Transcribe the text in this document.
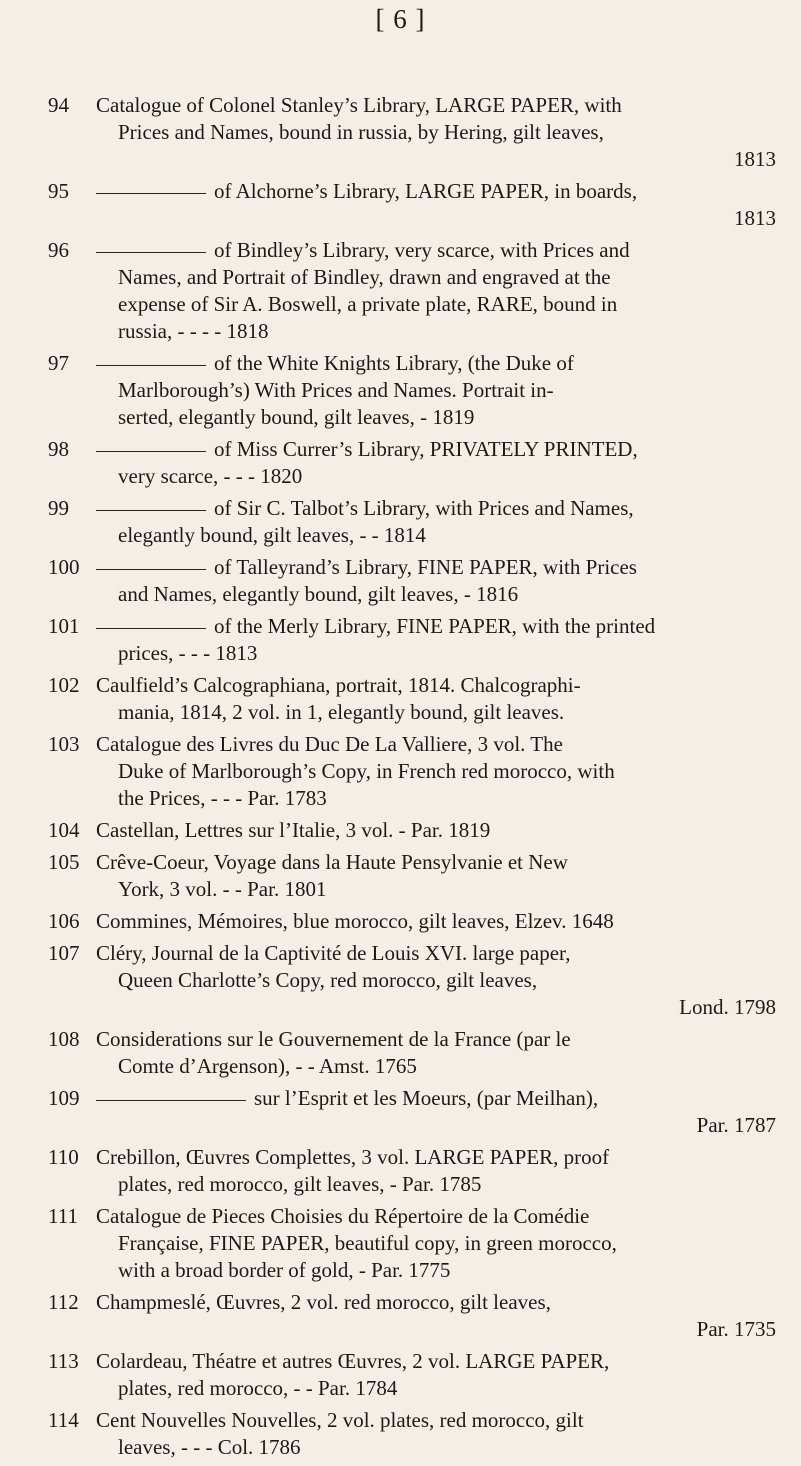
[ 6 ]
94	Catalogue of Colonel Stanley’s Library, LARGE PAPER, with
Prices and Names, bound in russia, by Hering, gilt leaves,
1813
95	of Alchorne’s Library, LARGE PAPER, in boards,
1813
96	of Bindley’s Library, very scarce, with Prices and
Names, and Portrait of Bindley, drawn and engraved at the
expense of Sir A. Boswell, a private plate, RARE, bound in
russia, - - - - 1818
97	of the White Knights Library, (the Duke of
Marlborough’s) With Prices and Names. Portrait in-
serted, elegantly bound, gilt leaves, - 1819
98	of Miss Currer’s Library, PRIVATELY PRINTED,
very scarce, - - - 1820
99	of Sir C. Talbot’s Library, with Prices and Names,
elegantly bound, gilt leaves, - - 1814
100	of Talleyrand’s Library, FINE PAPER, with Prices
and Names, elegantly bound, gilt leaves, - 1816
101	of the Merly Library, FINE PAPER, with the printed
prices, - - - 1813
102 Caulfield’s Calcographiana, portrait, 1814. Chalcographi-
mania, 1814, 2 vol. in 1, elegantly bound, gilt leaves.
103 Catalogue des Livres du Duc De La Valliere, 3 vol. The
Duke of Marlborough’s Copy, in French red morocco, with
the Prices, - - - Par. 1783
104 Castellan, Lettres sur l’Italie, 3 vol. - Par. 1819
105 Crêve-Coeur, Voyage dans la Haute Pensylvanie et New
York, 3 vol. - - Par. 1801
106 Commines, Mémoires, blue morocco, gilt leaves, Elzev. 1648
107 Cléry, Journal de la Captivité de Louis XVI. large paper,
Queen Charlotte’s Copy, red morocco, gilt leaves,
Lond. 1798
108 Considerations sur le Gouvernement de la France (par le
Comte d’Argenson), - - Amst. 1765
109	sur l’Esprit et les Moeurs, (par Meilhan),
Par. 1787
110 Crebillon, Œuvres Complettes, 3 vol. LARGE PAPER, proof
plates, red morocco, gilt leaves, - Par. 1785
111 Catalogue de Pieces Choisies du Répertoire de la Comédie
Française, FINE PAPER, beautiful copy, in green morocco,
with a broad border of gold, - Par. 1775
112 Champmeslé, Œuvres, 2 vol. red morocco, gilt leaves,
Par. 1735
113 Colardeau, Théatre et autres Œuvres, 2 vol. LARGE PAPER,
plates, red morocco, - - Par. 1784
114 Cent Nouvelles Nouvelles, 2 vol. plates, red morocco, gilt
leaves, - - - Col. 1786
